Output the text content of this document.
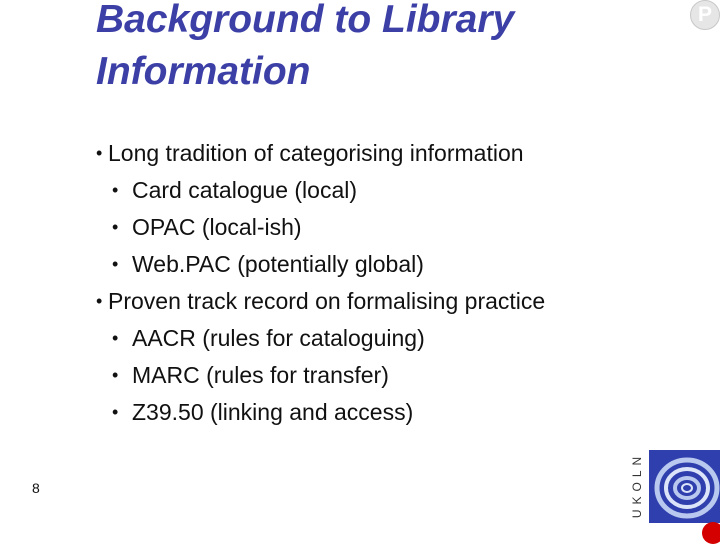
Background to Library
Information
P
• Long tradition of categorising information
• Card catalogue (local)
• OPAC (local-ish)
• Web.PAC (potentially global)
• Proven track record on formalising practice
• AACR (rules for cataloguing)
• MARC (rules for transfer)
• Z39.50 (linking and access)
8	UKOLN
